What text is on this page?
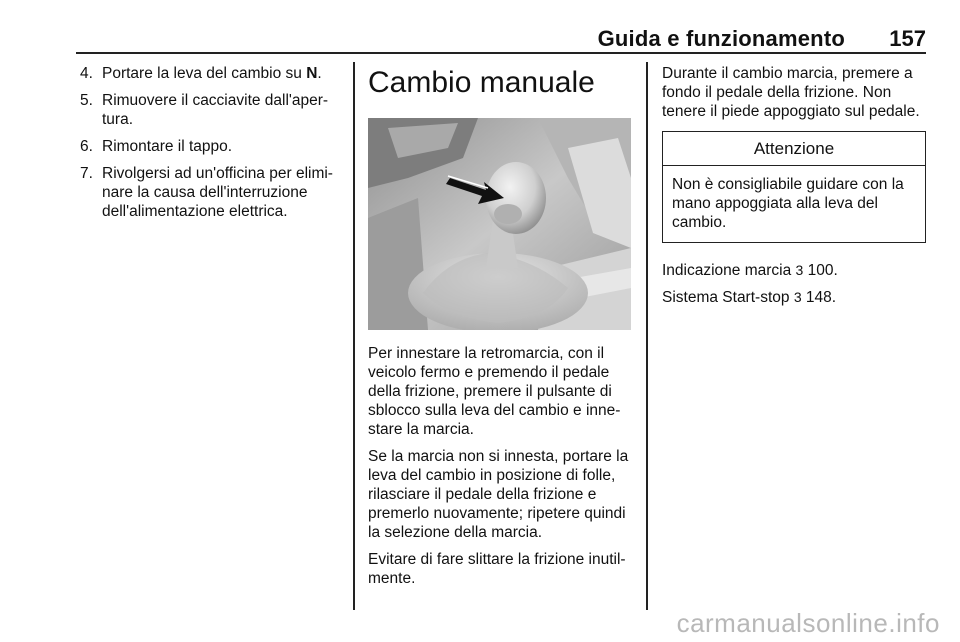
Guida e funzionamento	157
4. Portare la leva del cambio su N.
5. Rimuovere il cacciavite dall'aper-tura.
6. Rimontare il tappo.
7. Rivolgersi ad un'officina per elimi-nare la causa dell'interruzione dell'alimentazione elettrica.
Cambio manuale

Per innestare la retromarcia, con il veicolo fermo e premendo il pedale della frizione, premere il pulsante di sblocco sulla leva del cambio e inne-stare la marcia.

Se la marcia non si innesta, portare la leva del cambio in posizione di folle, rilasciare il pedale della frizione e premerlo nuovamente; ripetere quindi la selezione della marcia.

Evitare di fare slittare la frizione inutil-mente.

Durante il cambio marcia, premere a fondo il pedale della frizione. Non tenere il piede appoggiato sul pedale.

Attenzione
Non è consigliabile guidare con la mano appoggiata alla leva del cambio.

Indicazione marcia 3 100.

Sistema Start-stop 3 148.

carmanualsonline.info
